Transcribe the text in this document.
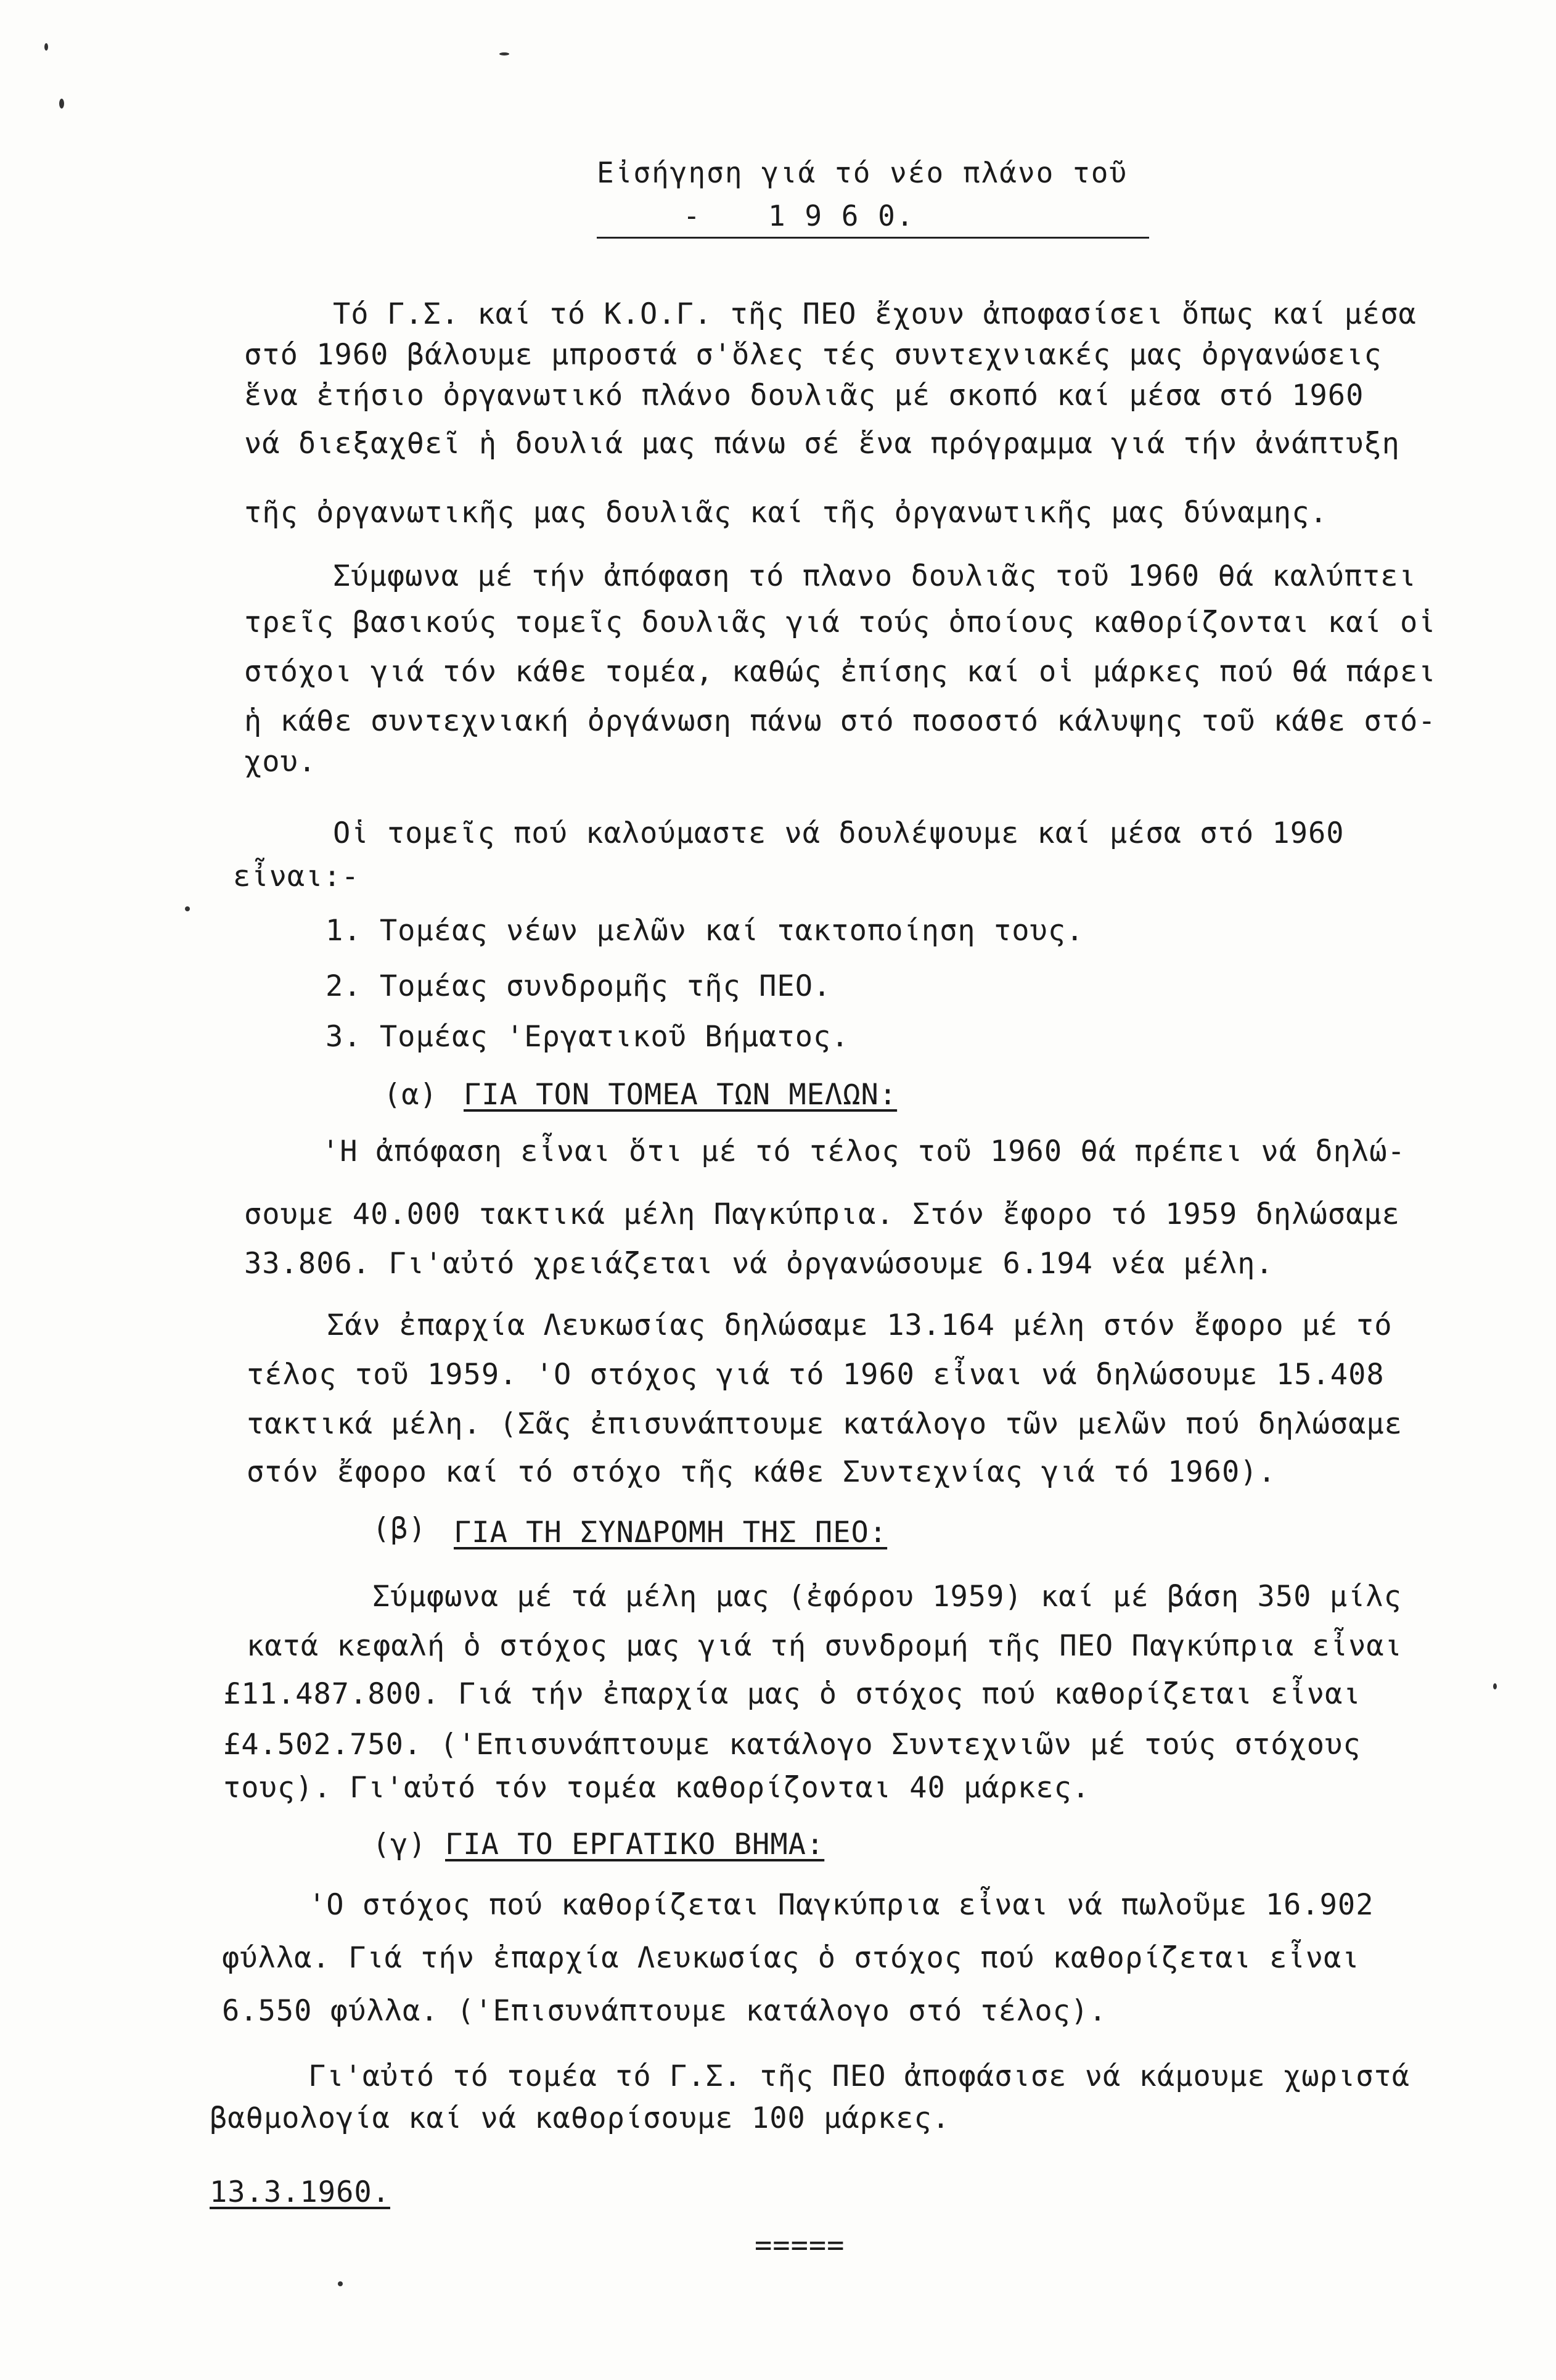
Εἰσήγηση γιά τό νέο πλάνο τοῦ
1 9 6 0.
-
Τό Γ.Σ. καί τό Κ.Ο.Γ. τῆς ΠΕΟ ἔχουν ἀποφασίσει ὅπως καί μέσα
στό 1960 βάλουμε μπροστά σ'ὅλες τές συντεχνιακές μας ὀργανώσεις
ἕνα ἐτήσιο ὀργανωτικό πλάνο δουλιᾶς μέ σκοπό καί μέσα στό 1960
νά διεξαχθεῖ ἡ δουλιά μας πάνω σέ ἕνα πρόγραμμα γιά τήν ἀνάπτυξη
τῆς ὀργανωτικῆς μας δουλιᾶς καί τῆς ὀργανωτικῆς μας δύναμης.
Σύμφωνα μέ τήν ἀπόφαση τό πλανο δουλιᾶς τοῦ 1960 θά καλύπτει
τρεῖς βασικούς τομεῖς δουλιᾶς γιά τούς ὁποίους καθορίζονται καί οἱ
στόχοι γιά τόν κάθε τομέα, καθώς ἐπίσης καί οἱ μάρκες πού θά πάρει
ἡ κάθε συντεχνιακή ὀργάνωση πάνω στό ποσοστό κάλυψης τοῦ κάθε στό-
χου.
Οἱ τομεῖς πού καλούμαστε νά δουλέψουμε καί μέσα στό 1960
εἶναι:-
1. Τομέας νέων μελῶν καί τακτοποίηση τους.
2. Τομέας συνδρομῆς τῆς ΠΕΟ.
3. Τομέας 'Εργατικοῦ Βήματος.
(α) ΓΙΑ ΤΟΝ ΤΟΜΕΑ ΤΩΝ ΜΕΛΩΝ:
'Η ἀπόφαση εἶναι ὅτι μέ τό τέλος τοῦ 1960 θά πρέπει νά δηλώ-
σουμε 40.000 τακτικά μέλη Παγκύπρια. Στόν ἔφορο τό 1959 δηλώσαμε
33.806. Γι'αὐτό χρειάζεται νά ὀργανώσουμε 6.194 νέα μέλη.
Σάν ἐπαρχία Λευκωσίας δηλώσαμε 13.164 μέλη στόν ἔφορο μέ τό
τέλος τοῦ 1959. 'Ο στόχος γιά τό 1960 εἶναι νά δηλώσουμε 15.408
τακτικά μέλη. (Σᾶς ἐπισυνάπτουμε κατάλογο τῶν μελῶν πού δηλώσαμε
στόν ἔφορο καί τό στόχο τῆς κάθε Συντεχνίας γιά τό 1960).
(β) ΓΙΑ ΤΗ ΣΥΝΔΡΟΜΗ ΤΗΣ ΠΕΟ:
Σύμφωνα μέ τά μέλη μας (ἐφόρου 1959) καί μέ βάση 350 μίλς
κατά κεφαλή ὁ στόχος μας γιά τή συνδρομή τῆς ΠΕΟ Παγκύπρια εἶναι
£11.487.800. Γιά τήν ἐπαρχία μας ὁ στόχος πού καθορίζεται εἶναι
£4.502.750. ('Επισυνάπτουμε κατάλογο Συντεχνιῶν μέ τούς στόχους
τους). Γι'αὐτό τόν τομέα καθορίζονται 40 μάρκες.
(γ) ΓΙΑ ΤΟ ΕΡΓΑΤΙΚΟ ΒΗΜΑ:
'Ο στόχος πού καθορίζεται Παγκύπρια εἶναι νά πωλοῦμε 16.902
φύλλα. Γιά τήν ἐπαρχία Λευκωσίας ὁ στόχος πού καθορίζεται εἶναι
6.550 φύλλα. ('Επισυνάπτουμε κατάλογο στό τέλος).
Γι'αὐτό τό τομέα τό Γ.Σ. τῆς ΠΕΟ ἀποφάσισε νά κάμουμε χωριστά
βαθμολογία καί νά καθορίσουμε 100 μάρκες.
13.3.1960.
=====
